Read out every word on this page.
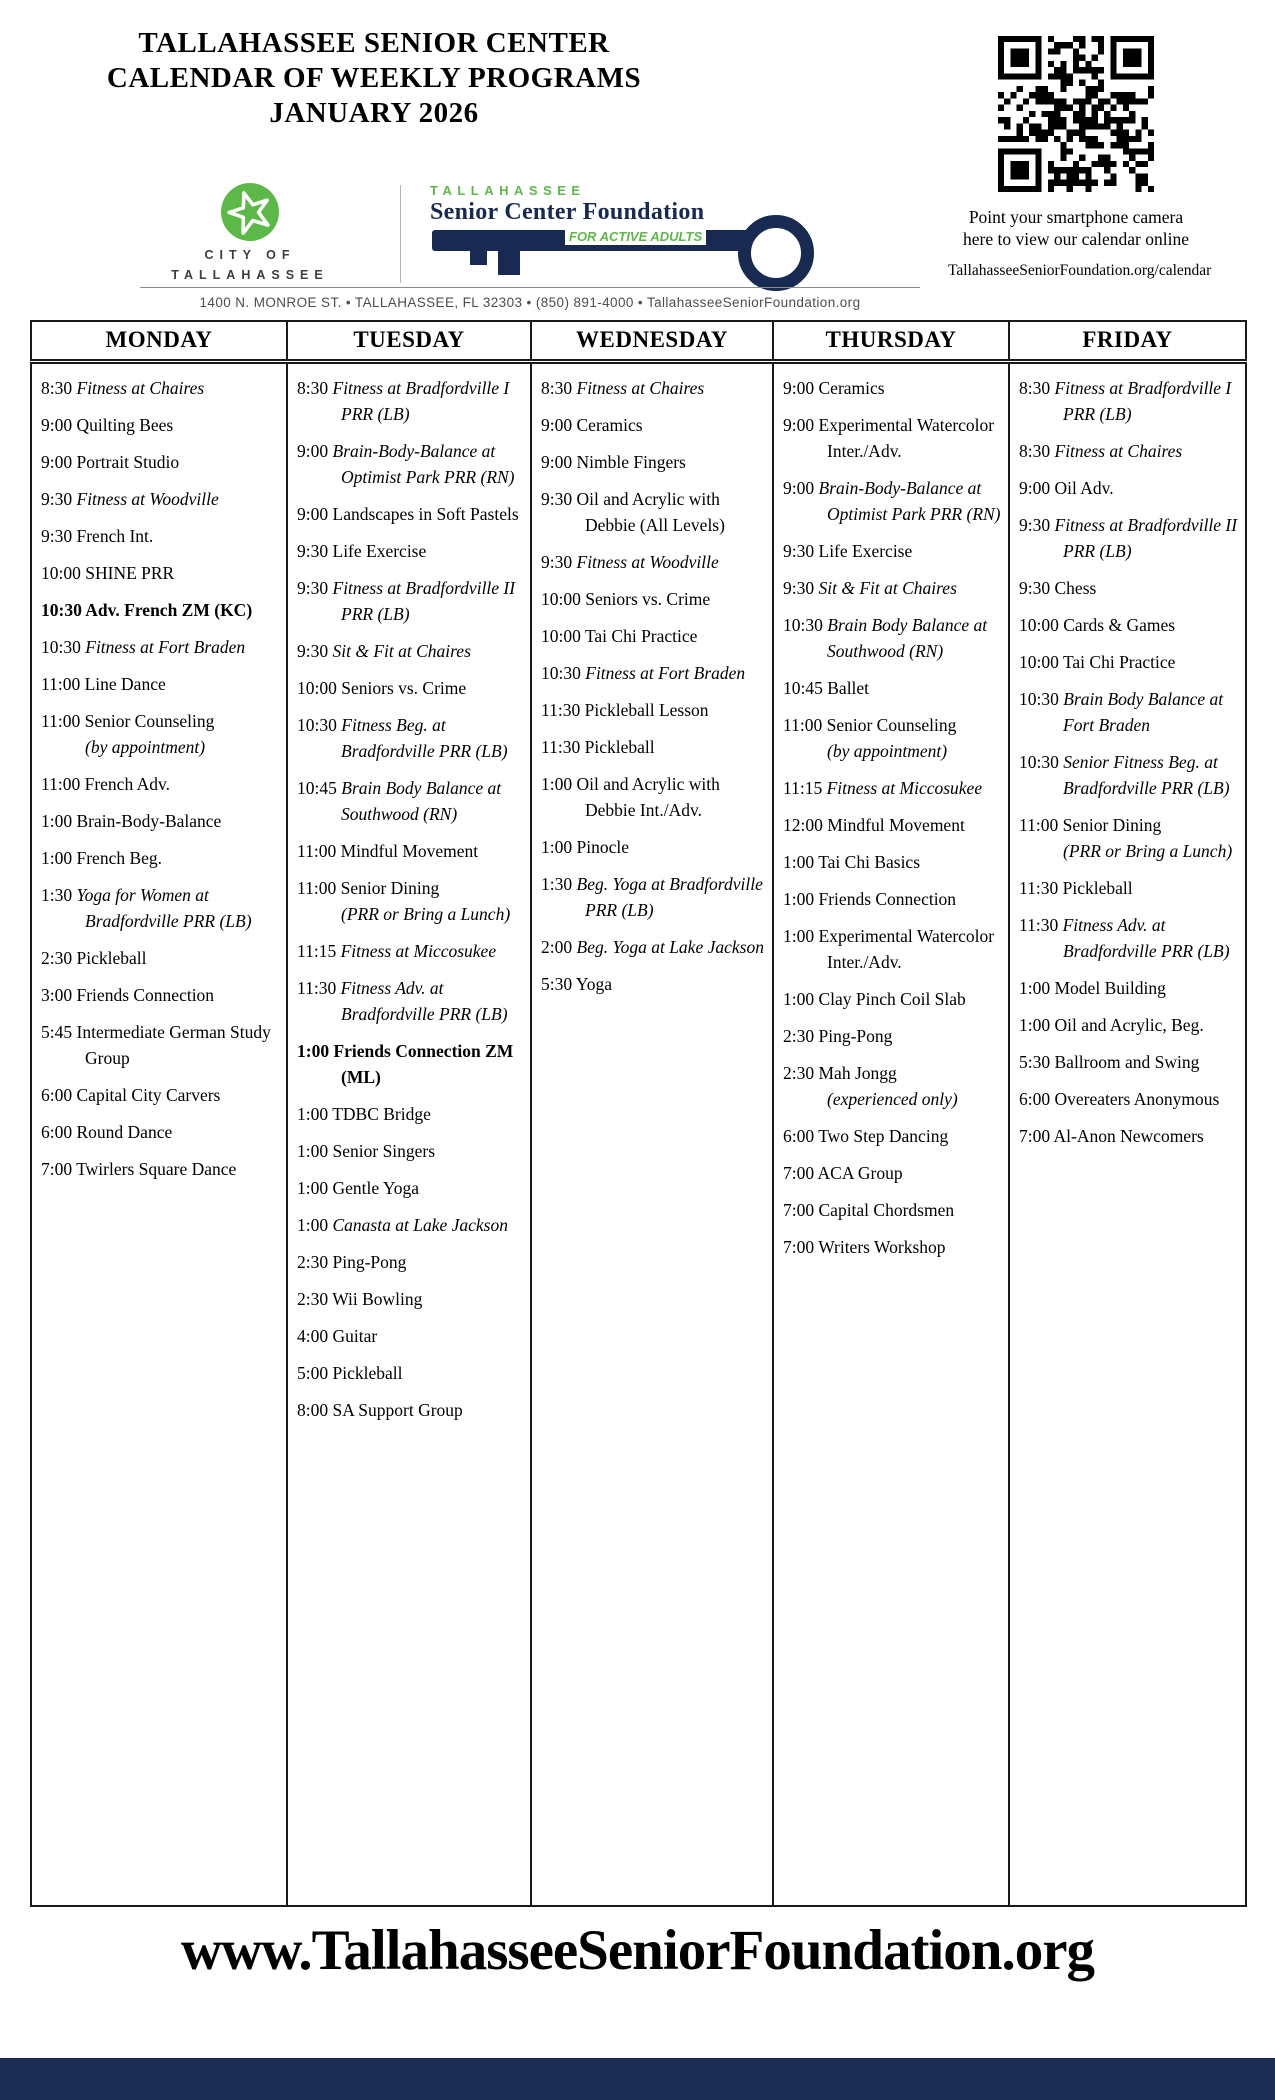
TALLAHASSEE SENIOR CENTER
CALENDAR OF WEEKLY PROGRAMS
JANUARY 2026
Point your smartphone camera
here to view our calendar online
TallahasseeSeniorFoundation.org/calendar
CITY OF
TALLAHASSEE
TALLAHASSEE
Senior Center Foundation
FOR ACTIVE ADULTS
1400 N. MONROE ST. • TALLAHASSEE, FL 32303 • (850) 891-4000 • TallahasseeSeniorFoundation.org
MONDAY	TUESDAY	WEDNESDAY	THURSDAY	FRIDAY

8:30 Fitness at Chaires
9:00 Quilting Bees
9:00 Portrait Studio
9:30 Fitness at Woodville
9:30 French Int.
10:00 SHINE PRR
10:30 Adv. French ZM (KC)
10:30 Fitness at Fort Braden
11:00 Line Dance
11:00 Senior Counseling
(by appointment)
11:00 French Adv.
1:00 Brain-Body-Balance
1:00 French Beg.
1:30 Yoga for Women at Bradfordville PRR (LB)
2:30 Pickleball
3:00 Friends Connection
5:45 Intermediate German Study Group
6:00 Capital City Carvers
6:00 Round Dance
7:00 Twirlers Square Dance

8:30 Fitness at Bradfordville I PRR (LB)
9:00 Brain-Body-Balance at Optimist Park PRR (RN)
9:00 Landscapes in Soft Pastels
9:30 Life Exercise
9:30 Fitness at Bradfordville II PRR (LB)
9:30 Sit & Fit at Chaires
10:00 Seniors vs. Crime
10:30 Fitness Beg. at Bradfordville PRR (LB)
10:45 Brain Body Balance at Southwood (RN)
11:00 Mindful Movement
11:00 Senior Dining
(PRR or Bring a Lunch)
11:15 Fitness at Miccosukee
11:30 Fitness Adv. at Bradfordville PRR (LB)
1:00 Friends Connection ZM (ML)
1:00 TDBC Bridge
1:00 Senior Singers
1:00 Gentle Yoga
1:00 Canasta at Lake Jackson
2:30 Ping-Pong
2:30 Wii Bowling
4:00 Guitar
5:00 Pickleball
8:00 SA Support Group

8:30 Fitness at Chaires
9:00 Ceramics
9:00 Nimble Fingers
9:30 Oil and Acrylic with Debbie (All Levels)
9:30 Fitness at Woodville
10:00 Seniors vs. Crime
10:00 Tai Chi Practice
10:30 Fitness at Fort Braden
11:30 Pickleball Lesson
11:30 Pickleball
1:00 Oil and Acrylic with Debbie Int./Adv.
1:00 Pinocle
1:30 Beg. Yoga at Bradfordville PRR (LB)
2:00 Beg. Yoga at Lake Jackson
5:30 Yoga

9:00 Ceramics
9:00 Experimental Watercolor Inter./Adv.
9:00 Brain-Body-Balance at Optimist Park PRR (RN)
9:30 Life Exercise
9:30 Sit & Fit at Chaires
10:30 Brain Body Balance at Southwood (RN)
10:45 Ballet
11:00 Senior Counseling
(by appointment)
11:15 Fitness at Miccosukee
12:00 Mindful Movement
1:00 Tai Chi Basics
1:00 Friends Connection
1:00 Experimental Watercolor Inter./Adv.
1:00 Clay Pinch Coil Slab
2:30 Ping-Pong
2:30 Mah Jongg
(experienced only)
6:00 Two Step Dancing
7:00 ACA Group
7:00 Capital Chordsmen
7:00 Writers Workshop

8:30 Fitness at Bradfordville I PRR (LB)
8:30 Fitness at Chaires
9:00 Oil Adv.
9:30 Fitness at Bradfordville II PRR (LB)
9:30 Chess
10:00 Cards & Games
10:00 Tai Chi Practice
10:30 Brain Body Balance at Fort Braden
10:30 Senior Fitness Beg. at Bradfordville PRR (LB)
11:00 Senior Dining
(PRR or Bring a Lunch)
11:30 Pickleball
11:30 Fitness Adv. at Bradfordville PRR (LB)
1:00 Model Building
1:00 Oil and Acrylic, Beg.
5:30 Ballroom and Swing
6:00 Overeaters Anonymous
7:00 Al-Anon Newcomers
www.TallahasseeSeniorFoundation.org
